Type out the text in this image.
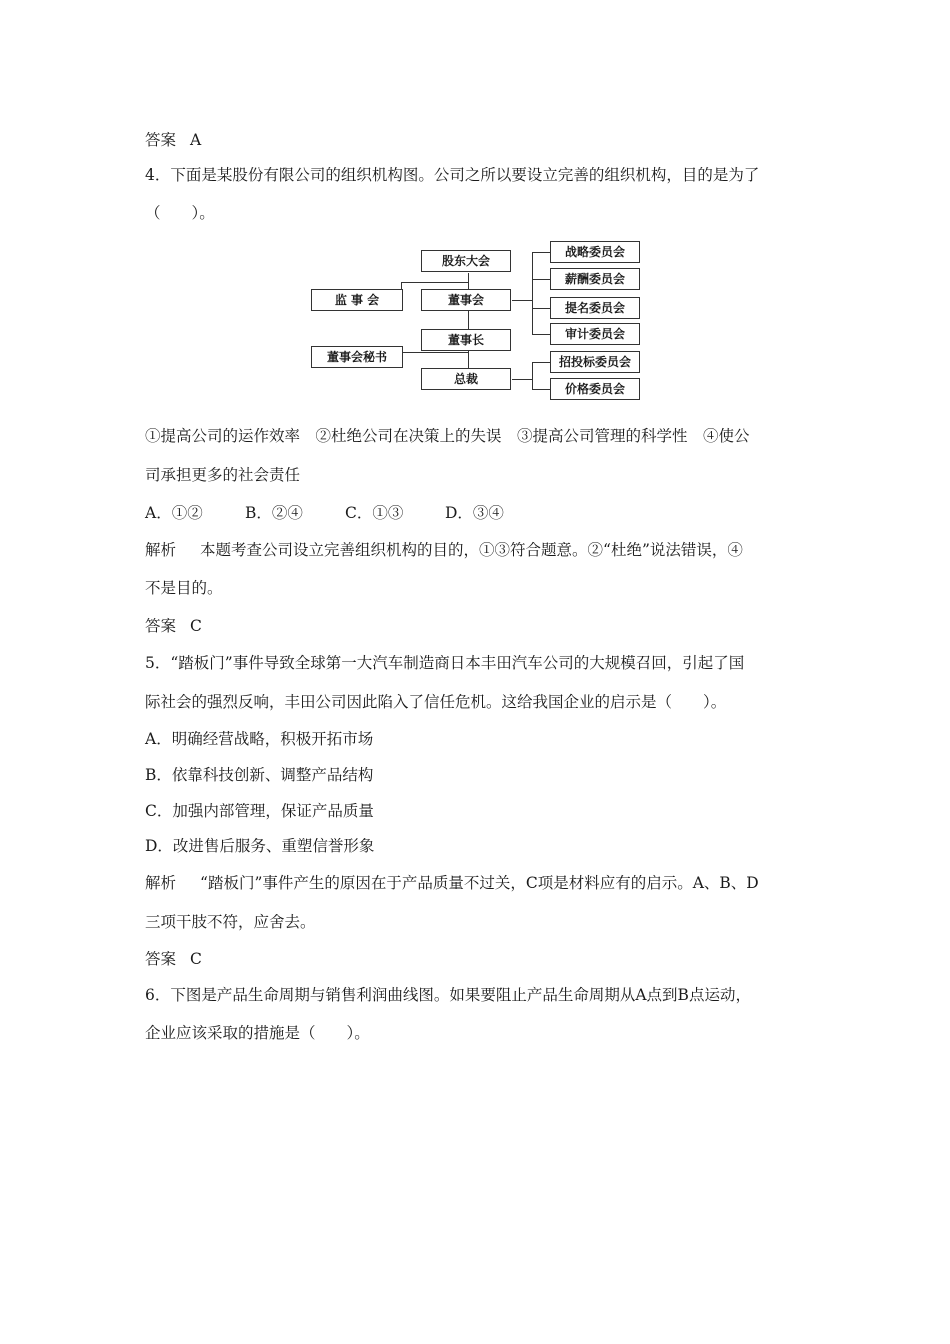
答案 A
4．下面是某股份有限公司的组织机构图。公司之所以要设立完善的组织机构，目的是为了
（　　）。
股东大会
监 事 会	董事会
董事长
董事会秘书
总裁
战略委员会
薪酬委员会
提名委员会
审计委员会
招投标委员会
价格委员会
①提高公司的运作效率　②杜绝公司在决策上的失误　③提高公司管理的科学性　④使公
司承担更多的社会责任
A．①②	B．②④	C．①③	D．③④
解析 本题考查公司设立完善组织机构的目的，①③符合题意。②“杜绝”说法错误，④
不是目的。
答案 C
5．“踏板门”事件导致全球第一大汽车制造商日本丰田汽车公司的大规模召回，引起了国
际社会的强烈反响，丰田公司因此陷入了信任危机。这给我国企业的启示是（　　）。
A．明确经营战略，积极开拓市场
B．依靠科技创新、调整产品结构
C．加强内部管理，保证产品质量
D．改进售后服务、重塑信誉形象
解析 “踏板门”事件产生的原因在于产品质量不过关，C项是材料应有的启示。A、B、D
三项干肢不符，应舍去。
答案 C
6．下图是产品生命周期与销售利润曲线图。如果要阻止产品生命周期从A点到B点运动，
企业应该采取的措施是（　　）。
